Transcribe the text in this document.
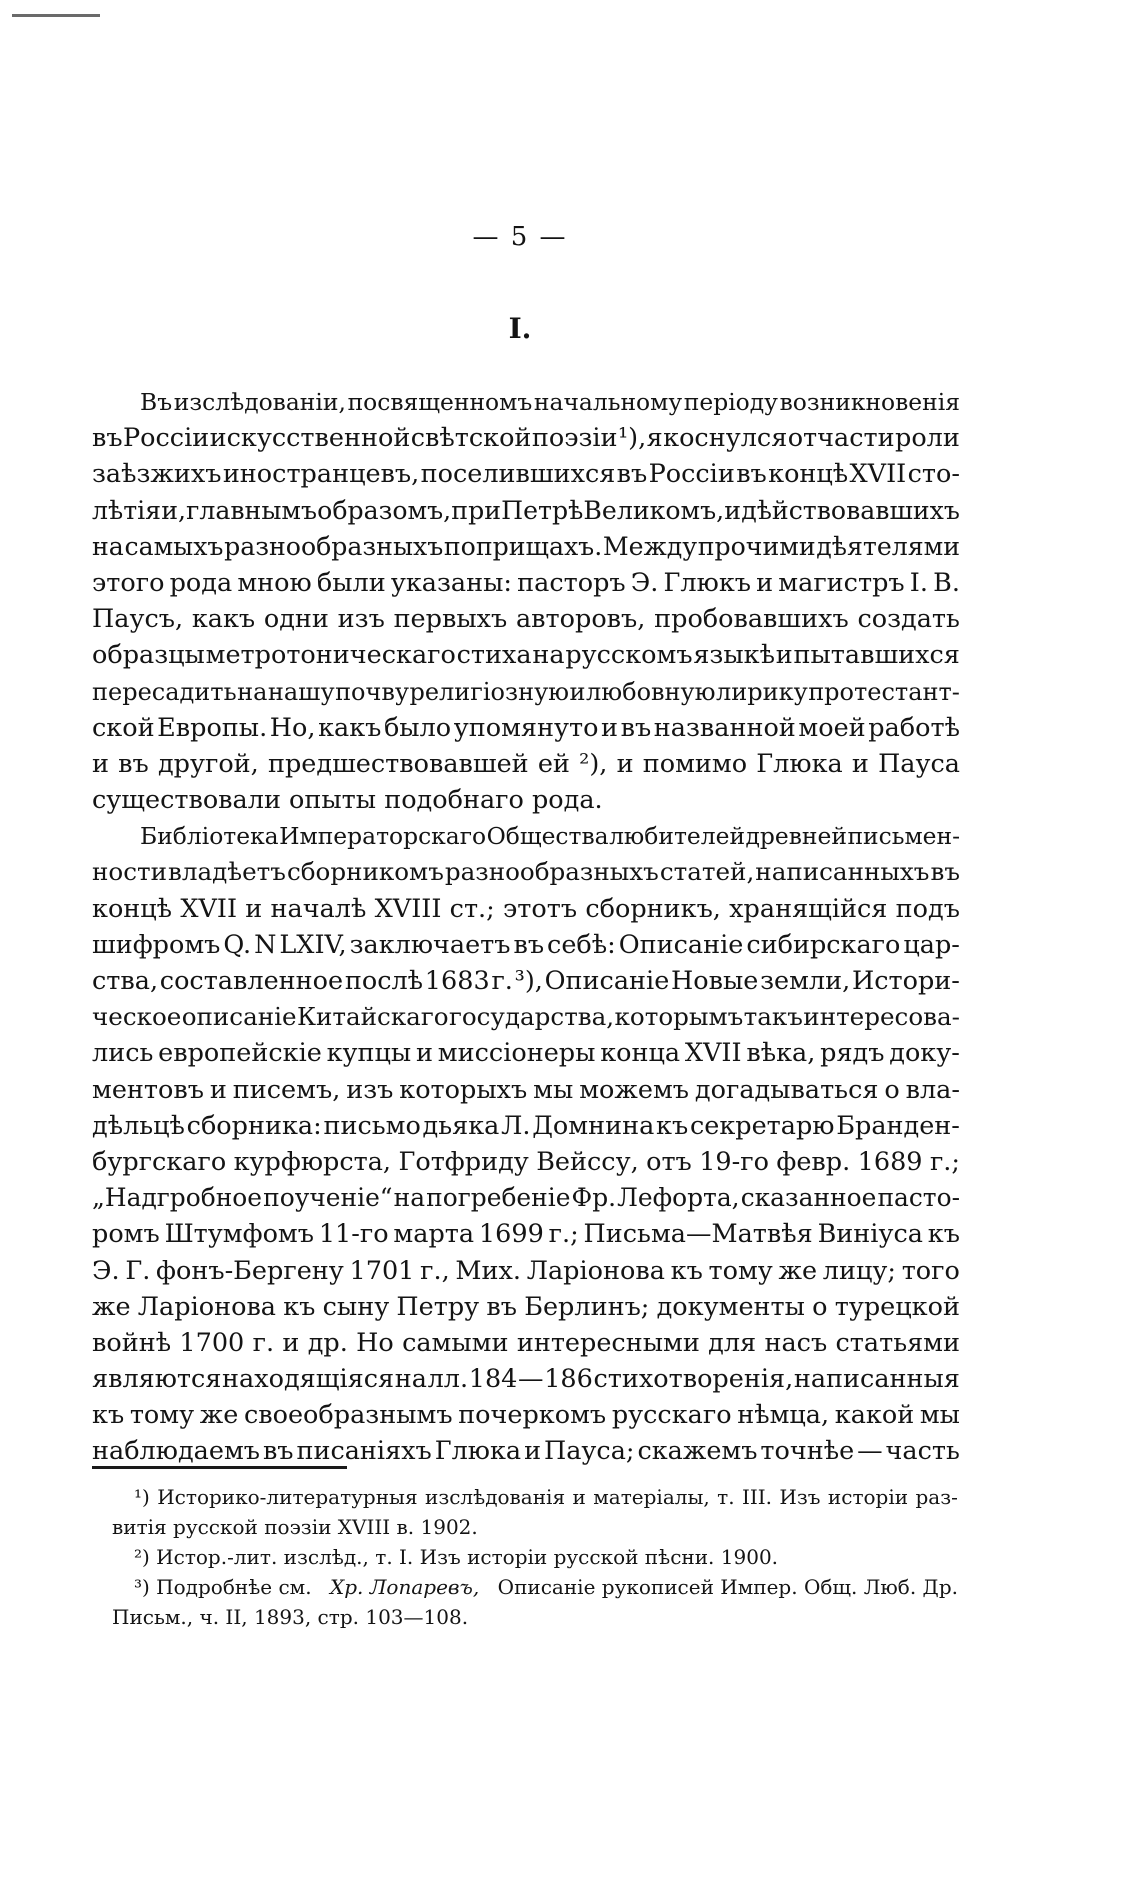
— 5 —
I.
Въ изслѣдованіи, посвященномъ начальному періоду возникновенія
въ Россіи искусственной свѣтской поэзіи ¹), я коснулся отчасти роли
заѣзжихъ иностранцевъ, поселившихся въ Россіи въ концѣ XVII сто-
лѣтія и, главнымъ образомъ, при Петрѣ Великомъ, и дѣйствовавшихъ
на самыхъ разнообразныхъ поприщахъ. Между прочими дѣятелями
этого рода мною были указаны: пасторъ Э. Глюкъ и магистръ I. В.
Паусъ, какъ одни изъ первыхъ авторовъ, пробовавшихъ создать
образцы метротоническаго стиха на русскомъ языкѣ и пытавшихся
пересадить на нашу почву религіозную и любовную лирику протестант-
ской Европы. Но, какъ было упомянуто и въ названной моей работѣ
и въ другой, предшествовавшей ей ²), и помимо Глюка и Пауса
существовали опыты подобнаго рода.
Библіотека Императорскаго Общества любителей древней письмен-
ности владѣетъ сборникомъ разнообразныхъ статей, написанныхъ въ
концѣ XVII и началѣ XVIII ст.; этотъ сборникъ, хранящійся подъ
шифромъ Q. N LXIV, заключаетъ въ себѣ: Описаніе сибирскаго цар-
ства, составленное послѣ 1683 г. ³), Описаніе Новые земли, Истори-
ческое описаніе Китайскаго государства, которымъ такъ интересова-
лись европейскіе купцы и миссіонеры конца XVII вѣка, рядъ доку-
ментовъ и писемъ, изъ которыхъ мы можемъ догадываться о вла-
дѣльцѣ сборника: письмо дьяка Л. Домнина къ секретарю Бранден-
бургскаго курфюрста, Готфриду Вейссу, отъ 19-го февр. 1689 г.;
„Надгробное поученіе“ на погребеніе Фр. Лефорта, сказанное пасто-
ромъ Штумфомъ 11-го марта 1699 г.; Письма—Матвѣя Виніуса къ
Э. Г. фонъ-Бергену 1701 г., Мих. Ларіонова къ тому же лицу; того
же Ларіонова къ сыну Петру въ Берлинъ; документы о турецкой
войнѣ 1700 г. и др. Но самыми интересными для насъ статьями
являются находящіяся на лл. 184 — 186 стихотворенія, написанныя
къ тому же своеобразнымъ почеркомъ русскаго нѣмца, какой мы
наблюдаемъ въ писаніяхъ Глюка и Пауса; скажемъ точнѣе — часть
¹) Историко-литературныя изслѣдованія и матеріалы, т. III. Изъ исторіи раз-
витія русской поэзіи XVIII в. 1902.
²) Истор.-лит. изслѣд., т. I. Изъ исторіи русской пѣсни. 1900.
³) Подробнѣе см. Хр. Лопаревъ, Описаніе рукописей Импер. Общ. Люб. Др.
Письм., ч. II, 1893, стр. 103—108.
